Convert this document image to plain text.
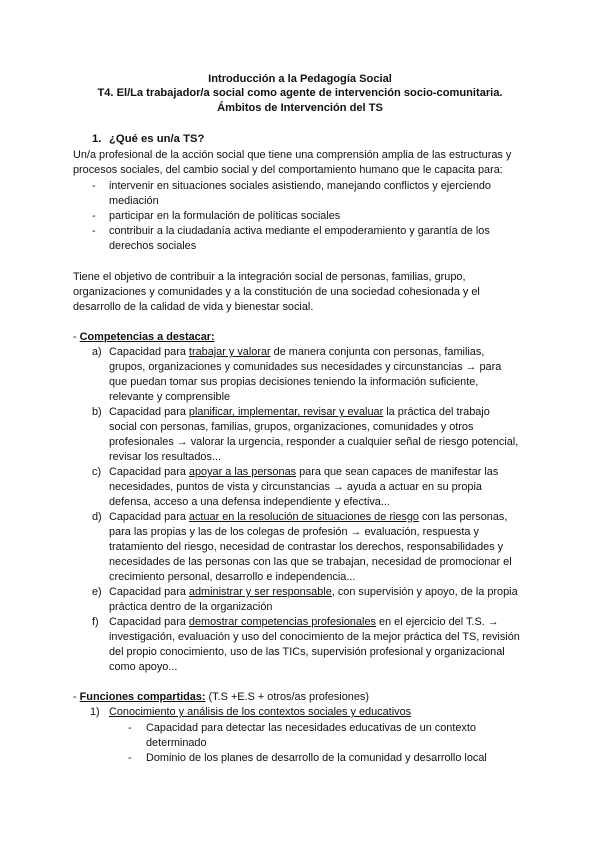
Introducción a la Pedagogía Social
T4. El/La trabajador/a social como agente de intervención socio-comunitaria.
Ámbitos de Intervención del TS
1. ¿Qué es un/a TS?
Un/a profesional de la acción social que tiene una comprensión amplia de las estructuras y
procesos sociales, del cambio social y del comportamiento humano que le capacita para:
- intervenir en situaciones sociales asistiendo, manejando conflictos y ejerciendo
mediación
- participar en la formulación de políticas sociales
- contribuir a la ciudadanía activa mediante el empoderamiento y garantía de los
derechos sociales
Tiene el objetivo de contribuir a la integración social de personas, familias, grupo,
organizaciones y comunidades y a la constitución de una sociedad cohesionada y el
desarrollo de la calidad de vida y bienestar social.
- Competencias a destacar:
a) Capacidad para trabajar y valorar de manera conjunta con personas, familias,
grupos, organizaciones y comunidades sus necesidades y circunstancias → para
que puedan tomar sus propias decisiones teniendo la información suficiente,
relevante y comprensible
b) Capacidad para planificar, implementar, revisar y evaluar la práctica del trabajo
social con personas, familias, grupos, organizaciones, comunidades y otros
profesionales → valorar la urgencia, responder a cualquier señal de riesgo potencial,
revisar los resultados...
c) Capacidad para apoyar a las personas para que sean capaces de manifestar las
necesidades, puntos de vista y circunstancias → ayuda a actuar en su propia
defensa, acceso a una defensa independiente y efectiva...
d) Capacidad para actuar en la resolución de situaciones de riesgo con las personas,
para las propias y las de los colegas de profesión → evaluación, respuesta y
tratamiento del riesgo, necesidad de contrastar los derechos, responsabilidades y
necesidades de las personas con las que se trabajan, necesidad de promocionar el
crecimiento personal, desarrollo e independencia...
e) Capacidad para administrar y ser responsable, con supervisión y apoyo, de la propia
práctica dentro de la organización
f) Capacidad para demostrar competencias profesionales en el ejercicio del T.S. →
investigación, evaluación y uso del conocimiento de la mejor práctica del TS, revisión
del propio conocimiento, uso de las TICs, supervisión profesional y organizacional
como apoyo...
- Funciones compartidas: (T.S +E.S + otros/as profesiones)
1) Conocimiento y análisis de los contextos sociales y educativos
- Capacidad para detectar las necesidades educativas de un contexto
determinado
- Dominio de los planes de desarrollo de la comunidad y desarrollo local
